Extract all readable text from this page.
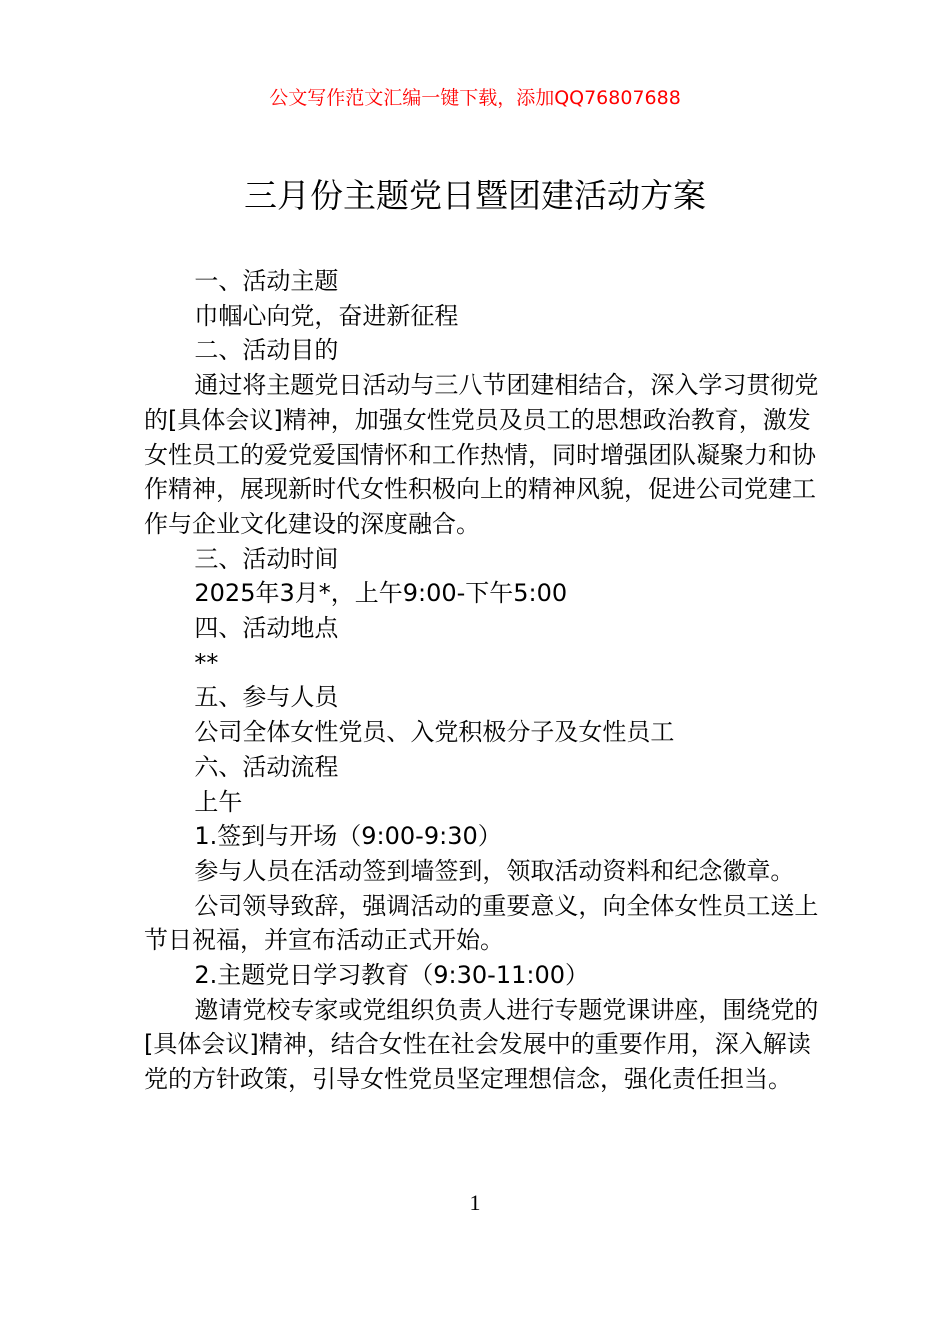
公文写作范文汇编一键下载，添加QQ76807688
三月份主题党日暨团建活动方案

一、活动主题

巾帼心向党，奋进新征程

二、活动目的

通过将主题党日活动与三八节团建相结合，深入学习贯彻党的[具体会议]精神，加强女性党员及员工的思想政治教育，激发女性员工的爱党爱国情怀和工作热情，同时增强团队凝聚力和协作精神，展现新时代女性积极向上的精神风貌，促进公司党建工作与企业文化建设的深度融合。

三、活动时间

2025年3月*，上午9:00-下午5:00

四、活动地点

**

五、参与人员

公司全体女性党员、入党积极分子及女性员工

六、活动流程

上午

1.签到与开场（9:00-9:30）

参与人员在活动签到墙签到，领取活动资料和纪念徽章。

公司领导致辞，强调活动的重要意义，向全体女性员工送上节日祝福，并宣布活动正式开始。

2.主题党日学习教育（9:30-11:00）

邀请党校专家或党组织负责人进行专题党课讲座，围绕党的[具体会议]精神，结合女性在社会发展中的重要作用，深入解读党的方针政策，引导女性党员坚定理想信念，强化责任担当。

1
